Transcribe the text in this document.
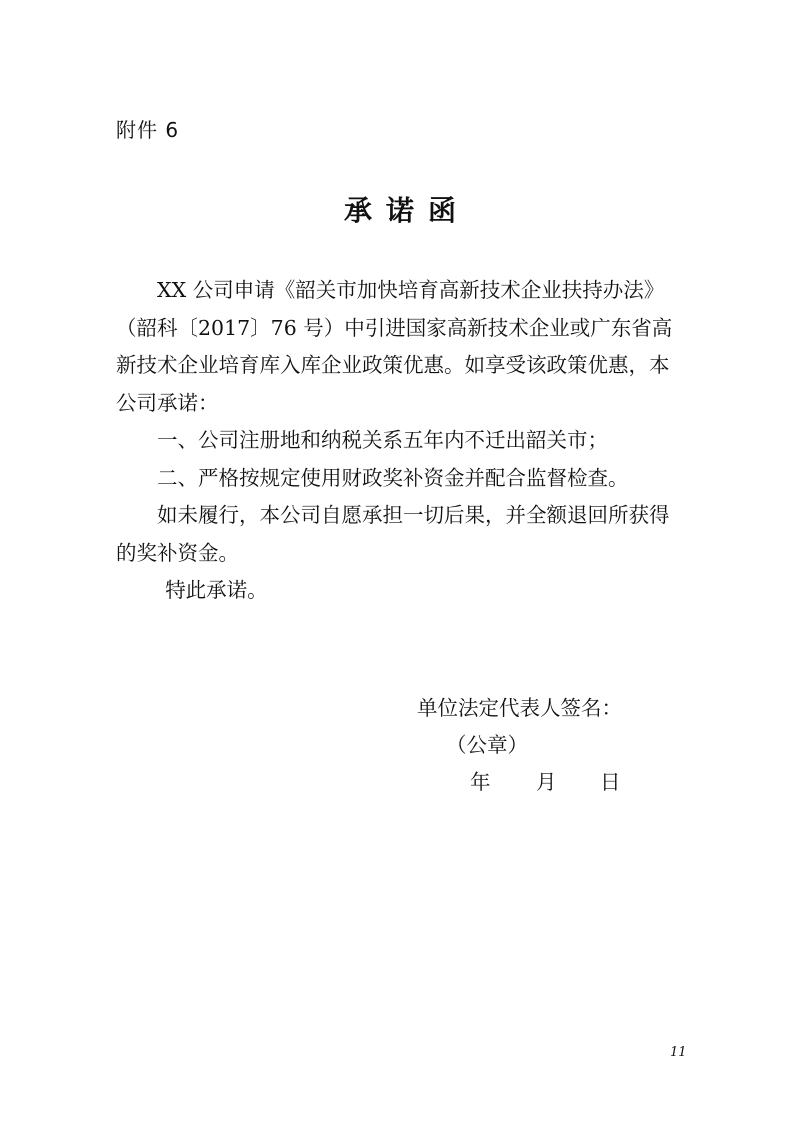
附件 6
承诺函

XX 公司申请《韶关市加快培育高新技术企业扶持办法》
（韶科〔2017〕76 号）中引进国家高新技术企业或广东省高
新技术企业培育库入库企业政策优惠。如享受该政策优惠，本
公司承诺：

一、公司注册地和纳税关系五年内不迁出韶关市；

二、严格按规定使用财政奖补资金并配合监督检查。

如未履行，本公司自愿承担一切后果，并全额退回所获得
的奖补资金。

特此承诺。

单位法定代表人签名：
（公章）
年 月 日
11
